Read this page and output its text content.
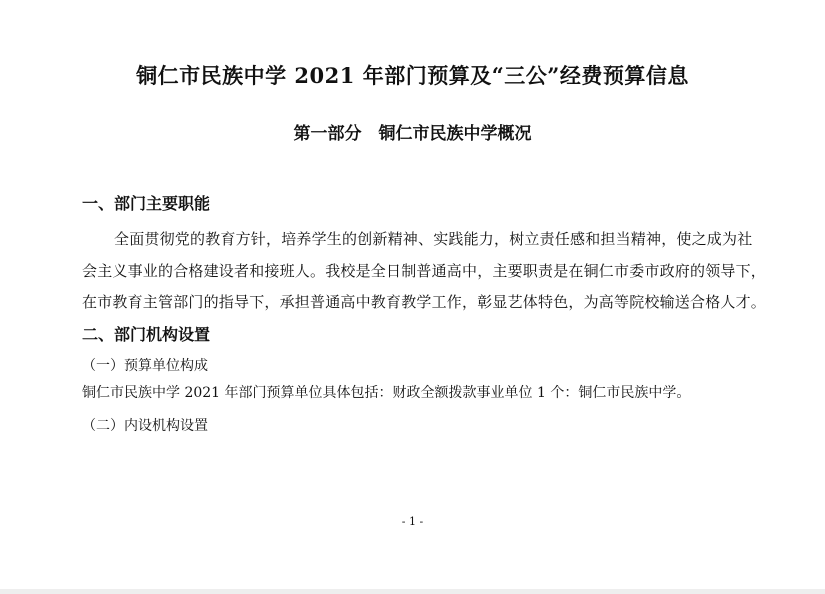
铜仁市民族中学 2021 年部门预算及“三公”经费预算信息
第一部分　铜仁市民族中学概况
一、部门主要职能
全面贯彻党的教育方针，培养学生的创新精神、实践能力，树立责任感和担当精神，使之成为社
会主义事业的合格建设者和接班人。我校是全日制普通高中，主要职责是在铜仁市委市政府的领导下，
在市教育主管部门的指导下，承担普通高中教育教学工作，彰显艺体特色，为高等院校输送合格人才。
二、部门机构设置
（一）预算单位构成
铜仁市民族中学 2021 年部门预算单位具体包括：财政全额拨款事业单位 1 个：铜仁市民族中学。
（二）内设机构设置
- 1 -
